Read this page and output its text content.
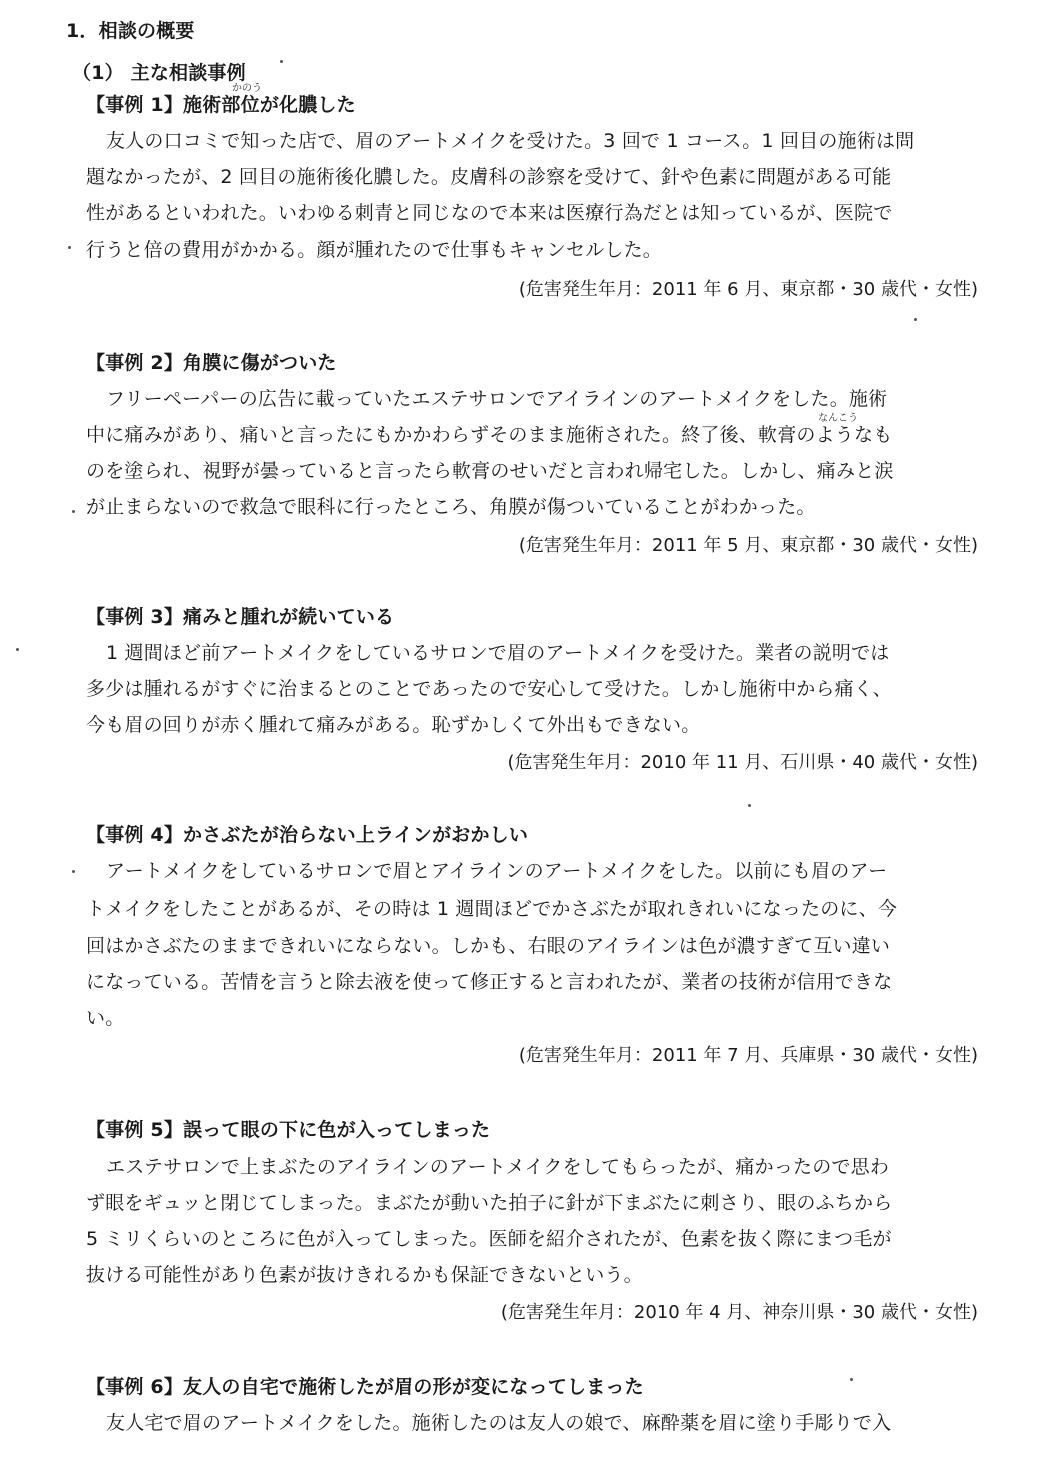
1．相談の概要
（1） 主な相談事例
かのう
【事例 1】施術部位が化膿した
友人の口コミで知った店で、眉のアートメイクを受けた。3 回で 1 コース。1 回目の施術は問
題なかったが、2 回目の施術後化膿した。皮膚科の診察を受けて、針や色素に問題がある可能
性があるといわれた。いわゆる刺青と同じなので本来は医療行為だとは知っているが、医院で
行うと倍の費用がかかる。顔が腫れたので仕事もキャンセルした。
(危害発生年月：2011 年 6 月、東京都・30 歳代・女性)
【事例 2】角膜に傷がついた
フリーペーパーの広告に載っていたエステサロンでアイラインのアートメイクをした。施術
なんこう
中に痛みがあり、痛いと言ったにもかかわらずそのまま施術された。終了後、軟膏のようなも
のを塗られ、視野が曇っていると言ったら軟膏のせいだと言われ帰宅した。しかし、痛みと涙
が止まらないので救急で眼科に行ったところ、角膜が傷ついていることがわかった。
(危害発生年月：2011 年 5 月、東京都・30 歳代・女性)
【事例 3】痛みと腫れが続いている
1 週間ほど前アートメイクをしているサロンで眉のアートメイクを受けた。業者の説明では
多少は腫れるがすぐに治まるとのことであったので安心して受けた。しかし施術中から痛く、
今も眉の回りが赤く腫れて痛みがある。恥ずかしくて外出もできない。
(危害発生年月：2010 年 11 月、石川県・40 歳代・女性)
【事例 4】かさぶたが治らない上ラインがおかしい
アートメイクをしているサロンで眉とアイラインのアートメイクをした。以前にも眉のアー
トメイクをしたことがあるが、その時は 1 週間ほどでかさぶたが取れきれいになったのに、今
回はかさぶたのままできれいにならない。しかも、右眼のアイラインは色が濃すぎて互い違い
になっている。苦情を言うと除去液を使って修正すると言われたが、業者の技術が信用できな
い。
(危害発生年月：2011 年 7 月、兵庫県・30 歳代・女性)
【事例 5】誤って眼の下に色が入ってしまった
エステサロンで上まぶたのアイラインのアートメイクをしてもらったが、痛かったので思わ
ず眼をギュッと閉じてしまった。まぶたが動いた拍子に針が下まぶたに刺さり、眼のふちから
5 ミリくらいのところに色が入ってしまった。医師を紹介されたが、色素を抜く際にまつ毛が
抜ける可能性があり色素が抜けきれるかも保証できないという。
(危害発生年月：2010 年 4 月、神奈川県・30 歳代・女性)
【事例 6】友人の自宅で施術したが眉の形が変になってしまった
友人宅で眉のアートメイクをした。施術したのは友人の娘で、麻酔薬を眉に塗り手彫りで入
